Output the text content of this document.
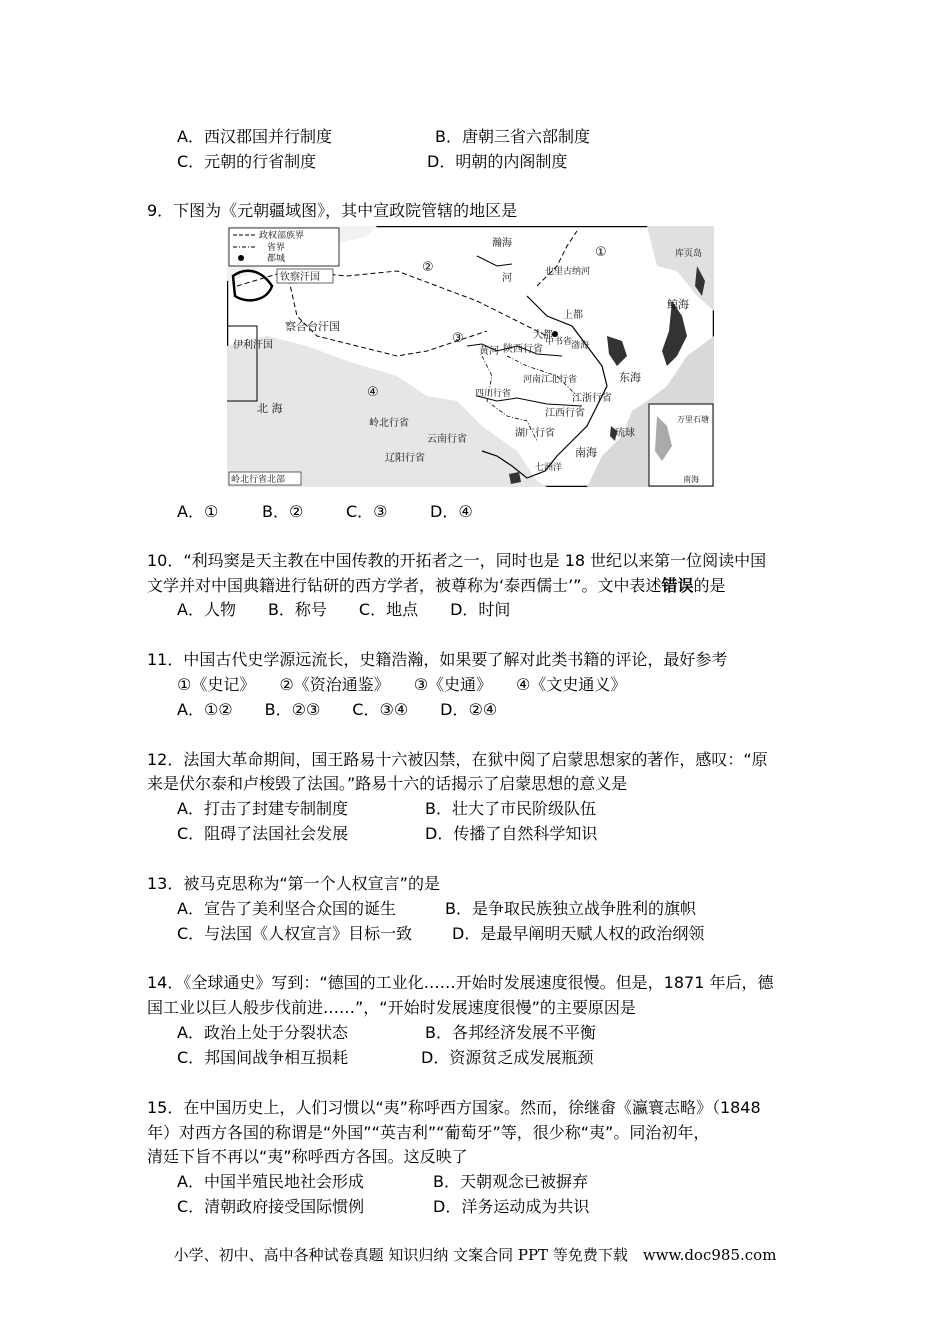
A．西汉郡国并行制度	B．唐朝三省六部制度
C．元朝的行省制度	D．明朝的内阁制度
9．下图为《元朝疆域图》，其中宣政院管辖的地区是
政权部族界
省界
都城
钦察汗国
察合台汗国
伊利汗国
北 海
岭北行省
岭北行省北部
辽阳行省
陕西行省
中书省
河南江北行省
江浙行省
江西行省
湖广行省
四川行省
云南行省
上都
大都
渤海
鲸海
东海
南海
琉球
七洲洋
万里石塘
南海
瀚海
也里古纳河
黄河
河
库页岛
①
②
③
④
A．①	B．②	C．③	D．④
10．“利玛窦是天主教在中国传教的开拓者之一，同时也是 18 世纪以来第一位阅读中国
文学并对中国典籍进行钻研的西方学者，被尊称为‘泰西儒士’”。文中表述错误的是
A．人物　　B．称号　　C．地点　　D．时间
11．中国古代史学源远流长，史籍浩瀚，如果要了解对此类书籍的评论，最好参考
①《史记》　　②《资治通鉴》　　③《史通》　　④《文史通义》
A．①②　　B．②③　　C．③④　　D．②④
12．法国大革命期间，国王路易十六被囚禁，在狱中阅了启蒙思想家的著作，感叹：“原
来是伏尔泰和卢梭毁了法国。”路易十六的话揭示了启蒙思想的意义是
A．打击了封建专制制度	B．壮大了市民阶级队伍
C．阻碍了法国社会发展	D．传播了自然科学知识
13．被马克思称为“第一个人权宣言”的是
A．宣告了美利坚合众国的诞生	B．是争取民族独立战争胜利的旗帜
C．与法国《人权宣言》目标一致 D．是最早阐明天赋人权的政治纲领
14．《全球通史》写到：“德国的工业化……开始时发展速度很慢。但是，1871 年后，德
国工业以巨人般步伐前进……”，“开始时发展速度很慢”的主要原因是
A．政治上处于分裂状态	B．各邦经济发展不平衡
C．邦国间战争相互损耗	D．资源贫乏成发展瓶颈
15．在中国历史上，人们习惯以“夷”称呼西方国家。然而，徐继畲《瀛寰志略》（1848
年）对西方各国的称谓是“外国”“英吉利”“葡萄牙”等，很少称“夷”。同治初年，
清廷下旨不再以“夷”称呼西方各国。这反映了
A．中国半殖民地社会形成	B．天朝观念已被摒弃
C．清朝政府接受国际惯例	D．洋务运动成为共识
小学、初中、高中各种试卷真题 知识归纳 文案合同 PPT 等免费下载　www.doc985.com
